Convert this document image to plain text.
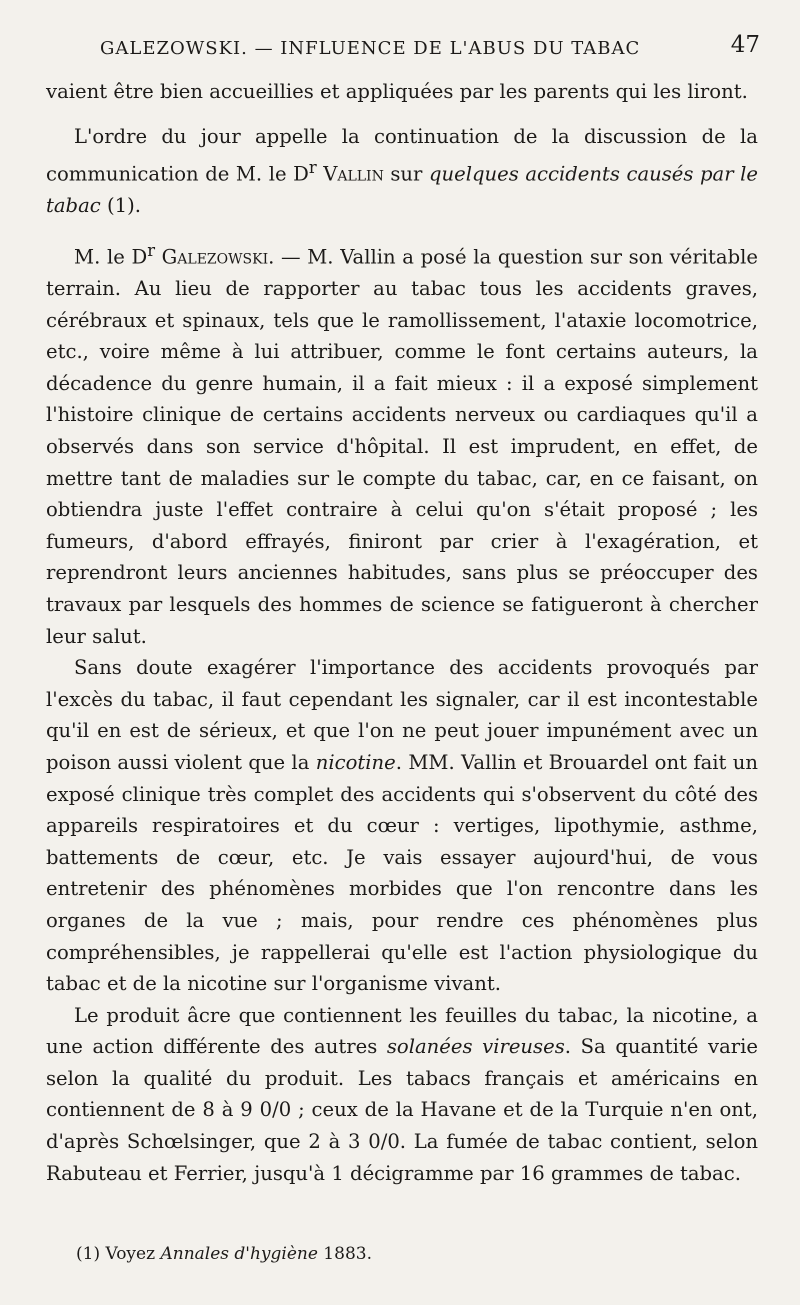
GALEZOWSKI. — INFLUENCE DE L'ABUS DU TABAC	47

vaient être bien accueillies et appliquées par les parents qui les liront.

L'ordre du jour appelle la continuation de la discussion de la communication de M. le $D^r$ Vallin sur quelques accidents causés par le tabac (1).

M. le $D^r$ Galezowski. — M. Vallin a posé la question sur son véritable terrain. Au lieu de rapporter au tabac tous les accidents graves, cérébraux et spinaux, tels que le ramollissement, l'ataxie locomotrice, etc., voire même à lui attribuer, comme le font certains auteurs, la décadence du genre humain, il a fait mieux : il a exposé simplement l'histoire clinique de certains accidents nerveux ou cardiaques qu'il a observés dans son service d'hôpital. Il est imprudent, en effet, de mettre tant de maladies sur le compte du tabac, car, en ce faisant, on obtiendra juste l'effet contraire à celui qu'on s'était proposé ; les fumeurs, d'abord effrayés, finiront par crier à l'exagération, et reprendront leurs anciennes habitudes, sans plus se préoccuper des travaux par lesquels des hommes de science se fatigueront à chercher leur salut.

Sans doute exagérer l'importance des accidents provoqués par l'excès du tabac, il faut cependant les signaler, car il est incontestable qu'il en est de sérieux, et que l'on ne peut jouer impunément avec un poison aussi violent que la nicotine. MM. Vallin et Brouardel ont fait un exposé clinique très complet des accidents qui s'observent du côté des appareils respiratoires et du cœur : vertiges, lipothymie, asthme, battements de cœur, etc. Je vais essayer aujourd'hui, de vous entretenir des phénomènes morbides que l'on rencontre dans les organes de la vue ; mais, pour rendre ces phénomènes plus compréhensibles, je rappellerai qu'elle est l'action physiologique du tabac et de la nicotine sur l'organisme vivant.

Le produit âcre que contiennent les feuilles du tabac, la nicotine, a une action différente des autres solanées vireuses. Sa quantité varie selon la qualité du produit. Les tabacs français et américains en contiennent de 8 à 9 0/0 ; ceux de la Havane et de la Turquie n'en ont, d'après Schœlsinger, que 2 à 3 0/0. La fumée de tabac contient, selon Rabuteau et Ferrier, jusqu'à 1 décigramme par 16 grammes de tabac.

(1) Voyez Annales d'hygiène 1883.
